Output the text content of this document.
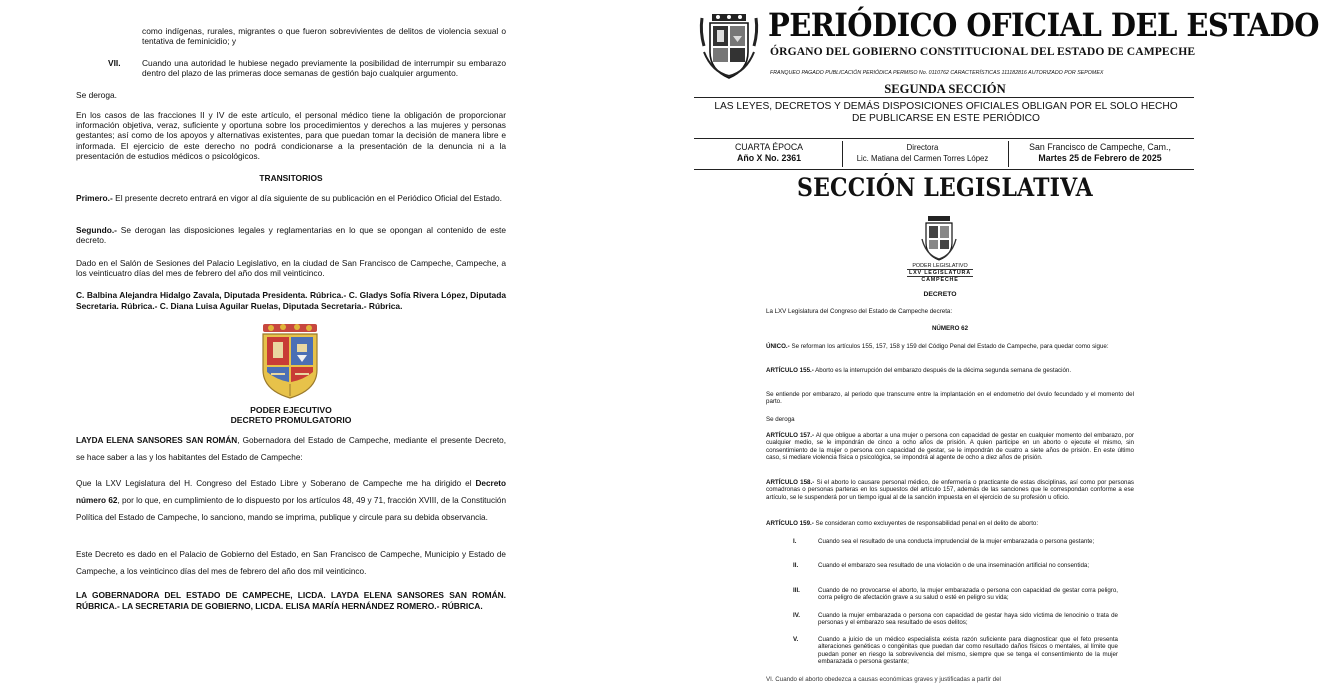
como indígenas, rurales, migrantes o que fueron sobrevivientes de delitos de violencia sexual o tentativa de feminicidio; y
VII.	Cuando una autoridad le hubiese negado previamente la posibilidad de interrumpir su embarazo dentro del plazo de las primeras doce semanas de gestión bajo cualquier argumento.
Se deroga.
En los casos de las fracciones II y IV de este artículo, el personal médico tiene la obligación de proporcionar información objetiva, veraz, suficiente y oportuna sobre los procedimientos y derechos a las mujeres y personas gestantes; así como de los apoyos y alternativas existentes, para que puedan tomar la decisión de manera libre e informada. El ejercicio de este derecho no podrá condicionarse a la presentación de la denuncia ni a la presentación de estudios médicos o psicológicos.
TRANSITORIOS
Primero.- El presente decreto entrará en vigor al día siguiente de su publicación en el Periódico Oficial del Estado.
Segundo.- Se derogan las disposiciones legales y reglamentarias en lo que se opongan al contenido de este decreto.
Dado en el Salón de Sesiones del Palacio Legislativo, en la ciudad de San Francisco de Campeche, Campeche, a los veinticuatro días del mes de febrero del año dos mil veinticinco.
C. Balbina Alejandra Hidalgo Zavala, Diputada Presidenta. Rúbrica.- C. Gladys Sofía Rivera López, Diputada Secretaria. Rúbrica.- C. Diana Luisa Aguilar Ruelas, Diputada Secretaria.- Rúbrica.
PODER EJECUTIVO
DECRETO PROMULGATORIO
LAYDA ELENA SANSORES SAN ROMÁN, Gobernadora del Estado de Campeche, mediante el presente Decreto, se hace saber a las y los habitantes del Estado de Campeche:
Que la LXV Legislatura del H. Congreso del Estado Libre y Soberano de Campeche me ha dirigido el Decreto número 62, por lo que, en cumplimiento de lo dispuesto por los artículos 48, 49 y 71, fracción XVIII, de la Constitución Política del Estado de Campeche, lo sanciono, mando se imprima, publique y circule para su debida observancia.
Este Decreto es dado en el Palacio de Gobierno del Estado, en San Francisco de Campeche, Municipio y Estado de Campeche, a los veinticinco días del mes de febrero del año dos mil veinticinco.
LA GOBERNADORA DEL ESTADO DE CAMPECHE, LICDA. LAYDA ELENA SANSORES SAN ROMÁN. RÚBRICA.- LA SECRETARIA DE GOBIERNO, LICDA. ELISA MARÍA HERNÁNDEZ ROMERO.- RÚBRICA.
PERIÓDICO OFICIAL DEL ESTADO
ÓRGANO DEL GOBIERNO CONSTITUCIONAL DEL ESTADO DE CAMPECHE
FRANQUEO PAGADO PUBLICACIÓN PERIÓDICA PERMISO No. 0110762 CARACTERÍSTICAS 111182816 AUTORIZADO POR SEPOMEX
SEGUNDA SECCIÓN
LAS LEYES, DECRETOS Y DEMÁS DISPOSICIONES OFICIALES OBLIGAN POR EL SOLO HECHO DE PUBLICARSE EN ESTE PERIÓDICO
CUARTA ÉPOCA
Año X No. 2361
Directora
Lic. Matiana del Carmen Torres López
San Francisco de Campeche, Cam.,
Martes 25 de Febrero de 2025
SECCIÓN LEGISLATIVA
PODER LEGISLATIVO
LXV LEGISLATURA
CAMPECHE
DECRETO
La LXV Legislatura del Congreso del Estado de Campeche decreta:
NÚMERO 62
ÚNICO.- Se reforman los artículos 155, 157, 158 y 159 del Código Penal del Estado de Campeche, para quedar como sigue:
ARTÍCULO 155.- Aborto es la interrupción del embarazo después de la décima segunda semana de gestación.
Se entiende por embarazo, al periodo que transcurre entre la implantación en el endometrio del óvulo fecundado y el momento del parto.
Se deroga
ARTÍCULO 157.- Al que obligue a abortar a una mujer o persona con capacidad de gestar en cualquier momento del embarazo, por cualquier medio, se le impondrán de cinco a ocho años de prisión. A quien participe en un aborto o ejecute el mismo, sin consentimiento de la mujer o persona con capacidad de gestar, se le impondrán de cuatro a siete años de prisión. En este último caso, si mediare violencia física o psicológica, se impondrá al agente de ocho a diez años de prisión.
ARTÍCULO 158.- Si el aborto lo causare personal médico, de enfermería o practicante de estas disciplinas, así como por personas comadronas o personas parteras en los supuestos del artículo 157, además de las sanciones que le correspondan conforme a ese artículo, se le suspenderá por un tiempo igual al de la sanción impuesta en el ejercicio de su profesión u oficio.
ARTÍCULO 159.- Se consideran como excluyentes de responsabilidad penal en el delito de aborto:
I.	Cuando sea el resultado de una conducta imprudencial de la mujer embarazada o persona gestante;
II.	Cuando el embarazo sea resultado de una violación o de una inseminación artificial no consentida;
III.	Cuando de no provocarse el aborto, la mujer embarazada o persona con capacidad de gestar corra peligro, corra peligro de afectación grave a su salud o esté en peligro su vida;
IV.	Cuando la mujer embarazada o persona con capacidad de gestar haya sido víctima de lenocinio o trata de personas y el embarazo sea resultado de esos delitos;
V.	Cuando a juicio de un médico especialista exista razón suficiente para diagnosticar que el feto presenta alteraciones genéticas o congénitas que puedan dar como resultado daños físicos o mentales, al límite que puedan poner en riesgo la sobrevivencia del mismo, siempre que se tenga el consentimiento de la mujer embarazada o persona gestante;
VI. Cuando el aborto obedezca a causas económicas graves y justificadas a partir del
